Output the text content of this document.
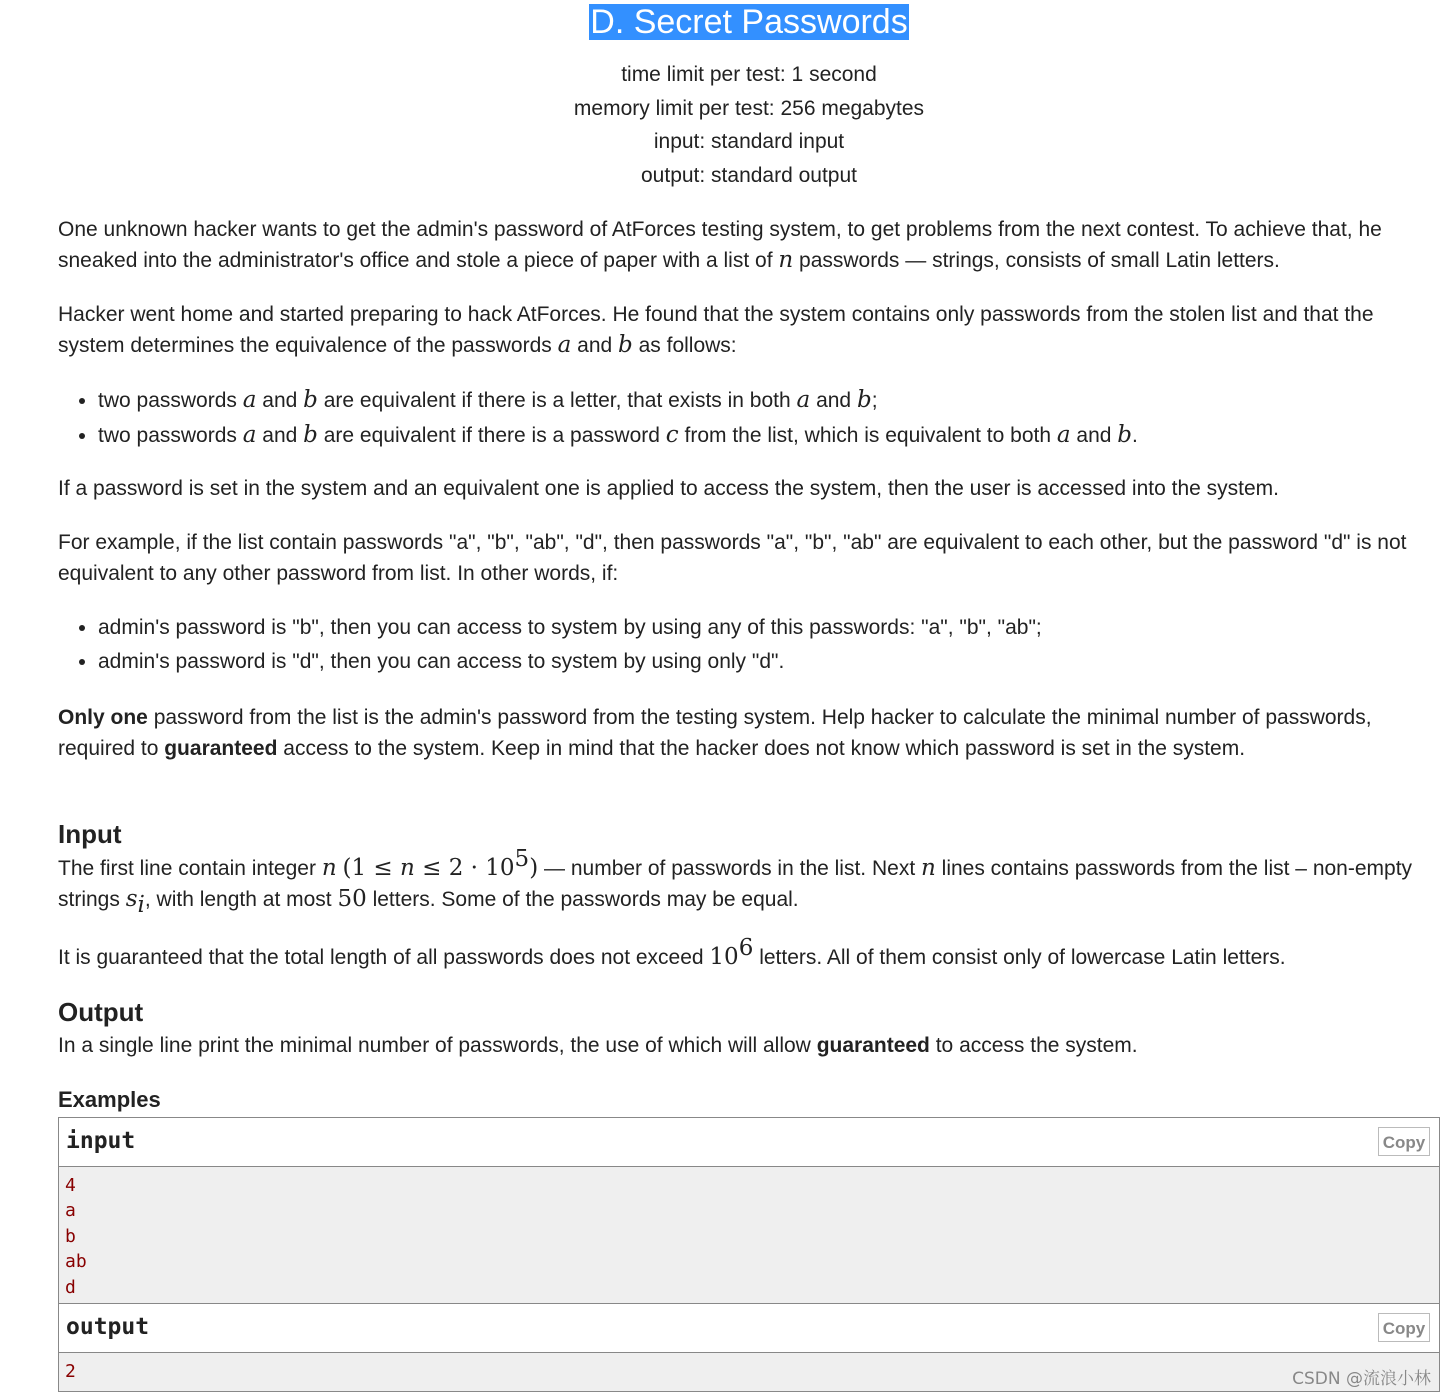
D. Secret Passwords
time limit per test: 1 second
memory limit per test: 256 megabytes
input: standard input
output: standard output

One unknown hacker wants to get the admin's password of AtForces testing system, to get problems from the next contest. To achieve that, he sneaked into the administrator's office and stole a piece of paper with a list of n passwords — strings, consists of small Latin letters.

Hacker went home and started preparing to hack AtForces. He found that the system contains only passwords from the stolen list and that the system determines the equivalence of the passwords a and b as follows:

• two passwords a and b are equivalent if there is a letter, that exists in both a and b;
• two passwords a and b are equivalent if there is a password c from the list, which is equivalent to both a and b.

If a password is set in the system and an equivalent one is applied to access the system, then the user is accessed into the system.

For example, if the list contain passwords "a", "b", "ab", "d", then passwords "a", "b", "ab" are equivalent to each other, but the password "d" is not equivalent to any other password from list. In other words, if:

• admin's password is "b", then you can access to system by using any of this passwords: "a", "b", "ab";
• admin's password is "d", then you can access to system by using only "d".

Only one password from the list is the admin's password from the testing system. Help hacker to calculate the minimal number of passwords, required to guaranteed access to the system. Keep in mind that the hacker does not know which password is set in the system.

Input

The first line contain integer n $(1 \le n \le 2 \cdot 10^5)$ — number of passwords in the list. Next n lines contains passwords from the list – non-empty strings $s_i$, with length at most 50 letters. Some of the passwords may be equal.

It is guaranteed that the total length of all passwords does not exceed $10^6$ letters. All of them consist only of lowercase Latin letters.

Output

In a single line print the minimal number of passwords, the use of which will allow guaranteed to access the system.

Examples
input	Copy
4
a
b
ab
d
output	Copy
2	CSDN @流浪小林
